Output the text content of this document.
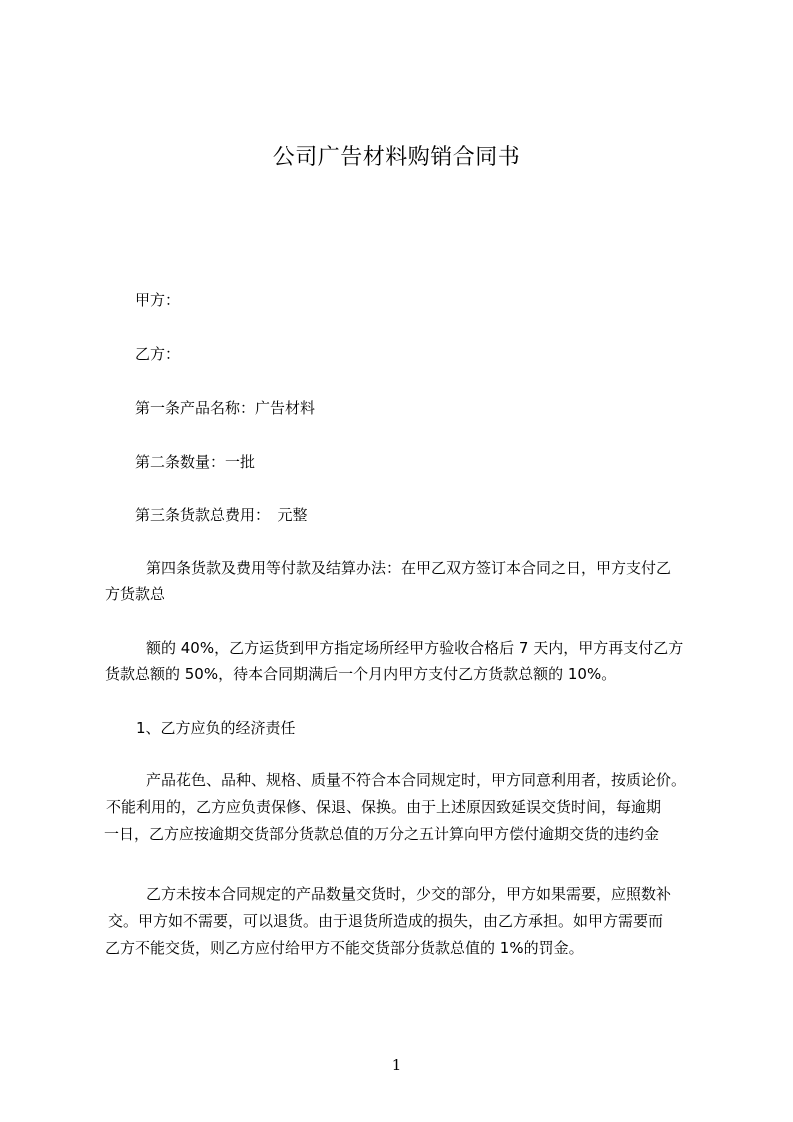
公司广告材料购销合同书
甲方：
乙方：
第一条产品名称：广告材料
第二条数量：一批
第三条货款总费用：　元整
第四条货款及费用等付款及结算办法：在甲乙双方签订本合同之日，甲方支付乙
方货款总
额的 40%，乙方运货到甲方指定场所经甲方验收合格后 7 天内，甲方再支付乙方
货款总额的 50%，待本合同期满后一个月内甲方支付乙方货款总额的 10%。
1、乙方应负的经济责任
产品花色、品种、规格、质量不符合本合同规定时，甲方同意利用者，按质论价。
不能利用的，乙方应负责保修、保退、保换。由于上述原因致延误交货时间，每逾期
一日，乙方应按逾期交货部分货款总值的万分之五计算向甲方偿付逾期交货的违约金
乙方未按本合同规定的产品数量交货时，少交的部分，甲方如果需要，应照数补
交。甲方如不需要，可以退货。由于退货所造成的损失，由乙方承担。如甲方需要而
乙方不能交货，则乙方应付给甲方不能交货部分货款总值的 1%的罚金。
1
